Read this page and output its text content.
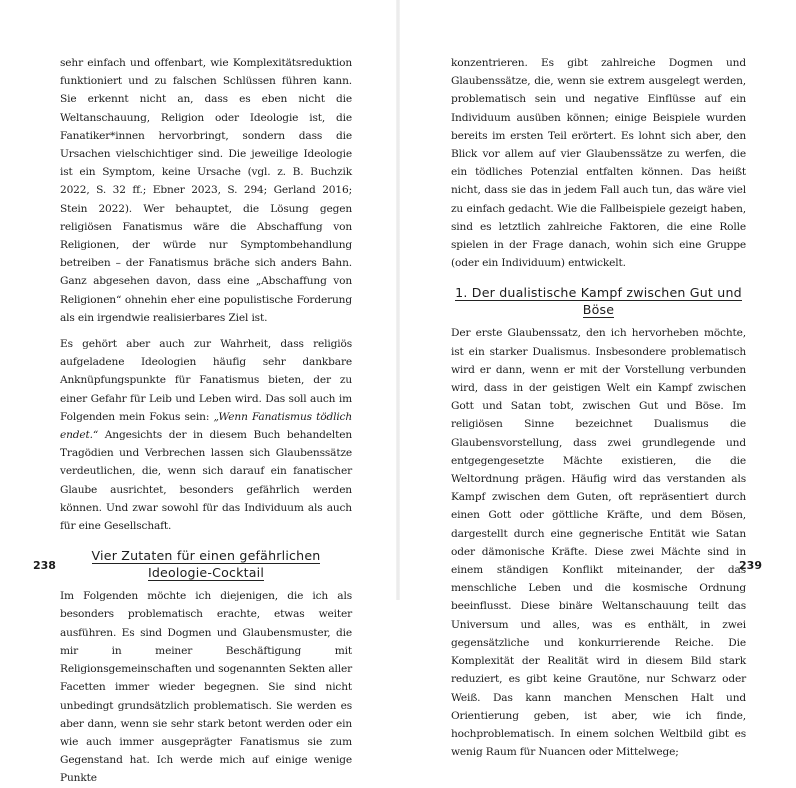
sehr einfach und offenbart, wie Komplexitätsreduktion funktioniert und zu falschen Schlüssen führen kann. Sie erkennt nicht an, dass es eben nicht die Weltanschauung, Religion oder Ideologie ist, die Fanatiker*innen hervorbringt, sondern dass die Ursachen vielschichtiger sind. Die jeweilige Ideologie ist ein Symptom, keine Ursache (vgl. z. B. Buchzik 2022, S. 32 ff.; Ebner 2023, S. 294; Gerland 2016; Stein 2022). Wer behauptet, die Lösung gegen religiösen Fanatismus wäre die Abschaffung von Religionen, der würde nur Symptombehandlung betreiben – der Fanatismus bräche sich anders Bahn. Ganz abgesehen davon, dass eine „Abschaffung von Religionen“ ohnehin eher eine populistische Forderung als ein irgendwie realisierbares Ziel ist.

Es gehört aber auch zur Wahrheit, dass religiös aufgeladene Ideologien häufig sehr dankbare Anknüpfungspunkte für Fanatismus bieten, der zu einer Gefahr für Leib und Leben wird. Das soll auch im Folgenden mein Fokus sein: „Wenn Fanatismus tödlich endet.“ Angesichts der in diesem Buch behandelten Tragödien und Verbrechen lassen sich Glaubenssätze verdeutlichen, die, wenn sich darauf ein fanatischer Glaube ausrichtet, besonders gefährlich werden können. Und zwar sowohl für das Individuum als auch für eine Gesellschaft.

Vier Zutaten für einen gefährlichen Ideologie-Cocktail

Im Folgenden möchte ich diejenigen, die ich als besonders problematisch erachte, etwas weiter ausführen. Es sind Dogmen und Glaubensmuster, die mir in meiner Beschäftigung mit Religionsgemeinschaften und sogenannten Sekten aller Facetten immer wieder begegnen. Sie sind nicht unbedingt grundsätzlich problematisch. Sie werden es aber dann, wenn sie sehr stark betont werden oder ein wie auch immer ausgeprägter Fanatismus sie zum Gegenstand hat. Ich werde mich auf einige wenige Punkte

238

konzentrieren. Es gibt zahlreiche Dogmen und Glaubenssätze, die, wenn sie extrem ausgelegt werden, problematisch sein und negative Einflüsse auf ein Individuum ausüben können; einige Beispiele wurden bereits im ersten Teil erörtert. Es lohnt sich aber, den Blick vor allem auf vier Glaubenssätze zu werfen, die ein tödliches Potenzial entfalten können. Das heißt nicht, dass sie das in jedem Fall auch tun, das wäre viel zu einfach gedacht. Wie die Fallbeispiele gezeigt haben, sind es letztlich zahlreiche Faktoren, die eine Rolle spielen in der Frage danach, wohin sich eine Gruppe (oder ein Individuum) entwickelt.

1. Der dualistische Kampf zwischen Gut und Böse

Der erste Glaubenssatz, den ich hervorheben möchte, ist ein starker Dualismus. Insbesondere problematisch wird er dann, wenn er mit der Vorstellung verbunden wird, dass in der geistigen Welt ein Kampf zwischen Gott und Satan tobt, zwischen Gut und Böse. Im religiösen Sinne bezeichnet Dualismus die Glaubensvorstellung, dass zwei grundlegende und entgegengesetzte Mächte existieren, die die Weltordnung prägen. Häufig wird das verstanden als Kampf zwischen dem Guten, oft repräsentiert durch einen Gott oder göttliche Kräfte, und dem Bösen, dargestellt durch eine gegnerische Entität wie Satan oder dämonische Kräfte. Diese zwei Mächte sind in einem ständigen Konflikt miteinander, der das menschliche Leben und die kosmische Ordnung beeinflusst. Diese binäre Weltanschauung teilt das Universum und alles, was es enthält, in zwei gegensätzliche und konkurrierende Reiche. Die Komplexität der Realität wird in diesem Bild stark reduziert, es gibt keine Grautöne, nur Schwarz oder Weiß. Das kann manchen Menschen Halt und Orientierung geben, ist aber, wie ich finde, hochproblematisch. In einem solchen Weltbild gibt es wenig Raum für Nuancen oder Mittelwege;

239
